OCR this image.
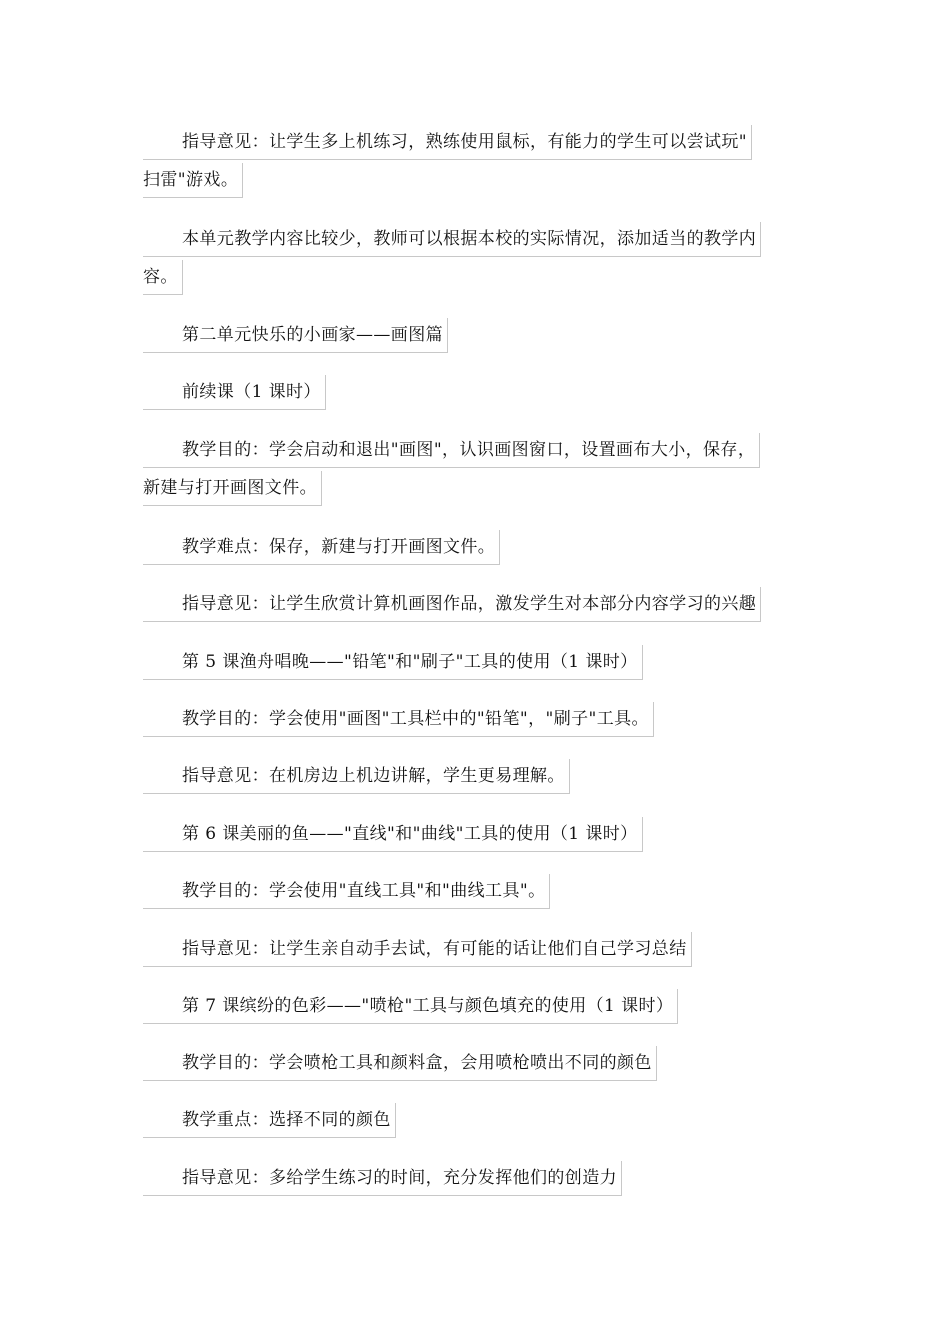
指导意见：让学生多上机练习，熟练使用鼠标，有能力的学生可以尝试玩"
扫雷"游戏。
本单元教学内容比较少，教师可以根据本校的实际情况，添加适当的教学内
容。
第二单元快乐的小画家——画图篇
前续课（1 课时）
教学目的：学会启动和退出"画图"，认识画图窗口，设置画布大小，保存，
新建与打开画图文件。
教学难点：保存，新建与打开画图文件。
指导意见：让学生欣赏计算机画图作品，激发学生对本部分内容学习的兴趣
第 5 课渔舟唱晚——"铅笔"和"刷子"工具的使用（1 课时）
教学目的：学会使用"画图"工具栏中的"铅笔"，"刷子"工具。
指导意见：在机房边上机边讲解，学生更易理解。
第 6 课美丽的鱼——"直线"和"曲线"工具的使用（1 课时）
教学目的：学会使用"直线工具"和"曲线工具"。
指导意见：让学生亲自动手去试，有可能的话让他们自己学习总结
第 7 课缤纷的色彩——"喷枪"工具与颜色填充的使用（1 课时）
教学目的：学会喷枪工具和颜料盒，会用喷枪喷出不同的颜色
教学重点：选择不同的颜色
指导意见：多给学生练习的时间，充分发挥他们的创造力
